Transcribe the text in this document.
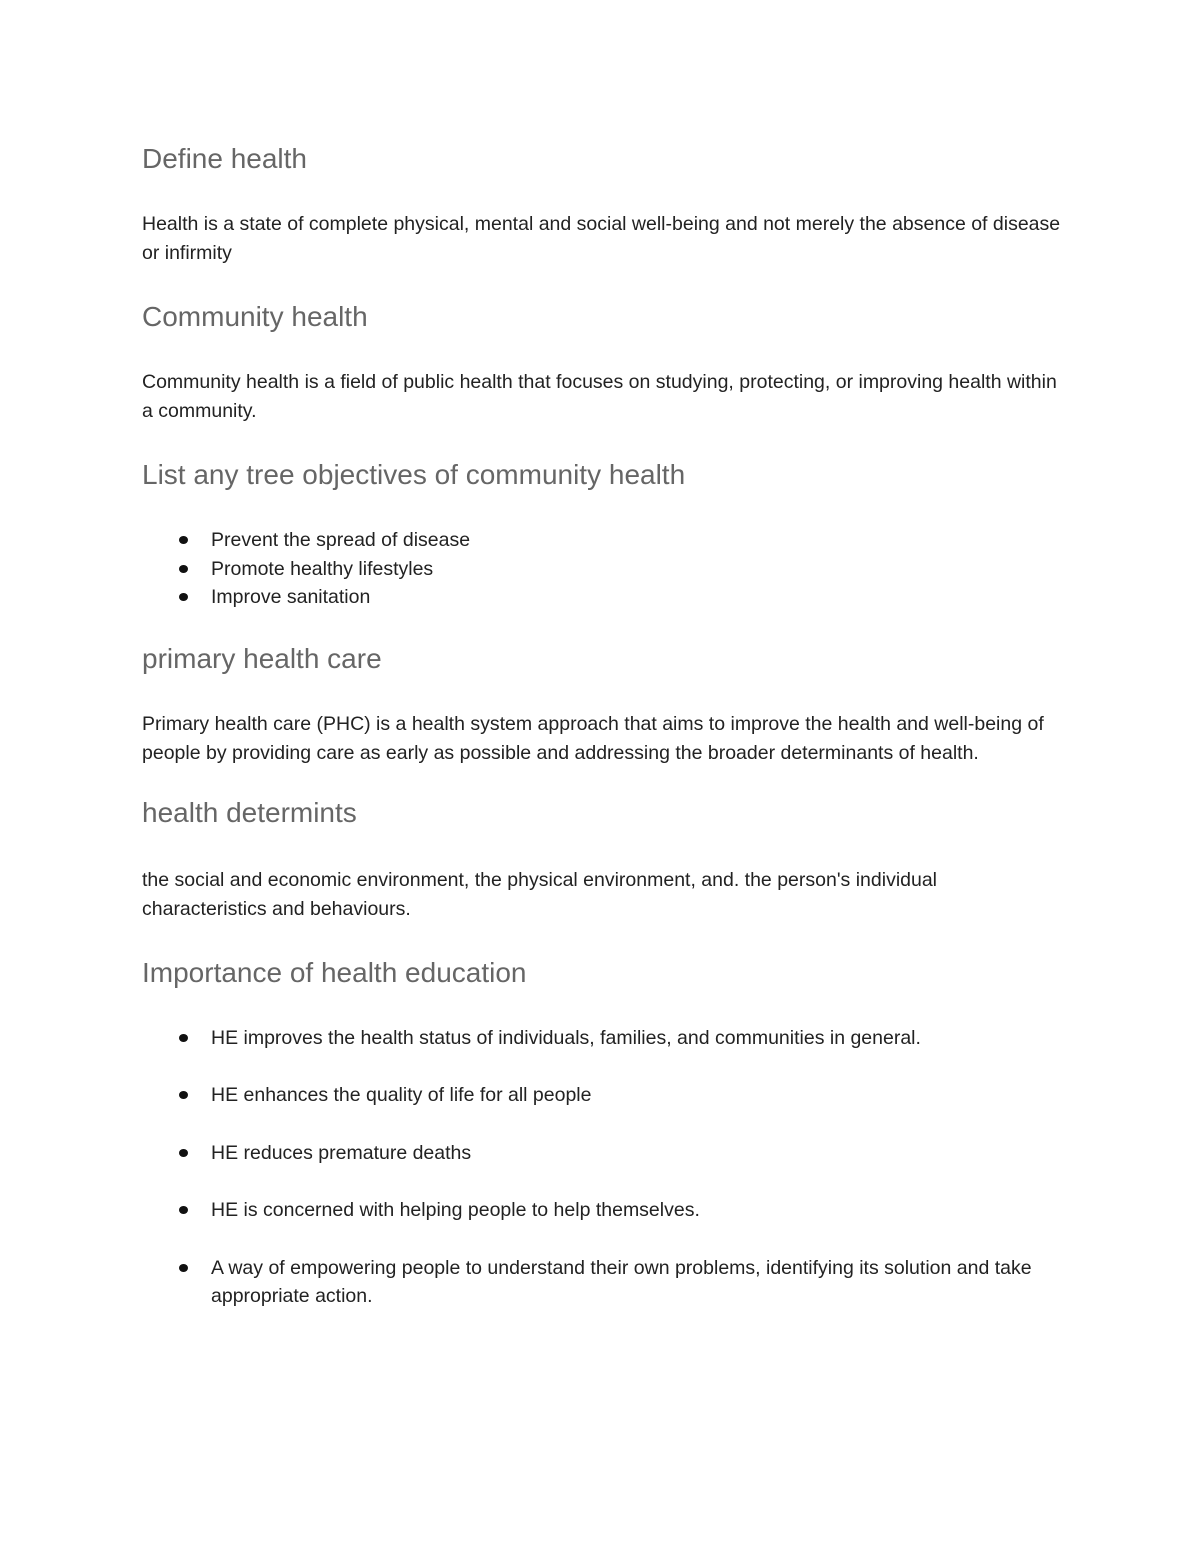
Define health

Health is a state of complete physical, mental and social well-being and not merely the absence of disease or infirmity

Community health

Community health is a field of public health that focuses on studying, protecting, or improving health within a community.

List any tree objectives of community health
Prevent the spread of disease
Promote healthy lifestyles
Improve sanitation
primary health care

Primary health care (PHC) is a health system approach that aims to improve the health and well-being of people by providing care as early as possible and addressing the broader determinants of health.

health determints

the social and economic environment, the physical environment, and. the person's individual characteristics and behaviours.

Importance of health education
HE improves the health status of individuals, families, and communities in general.
HE enhances the quality of life for all people
HE reduces premature deaths
HE is concerned with helping people to help themselves.
A way of empowering people to understand their own problems, identifying its solution and take appropriate action.
